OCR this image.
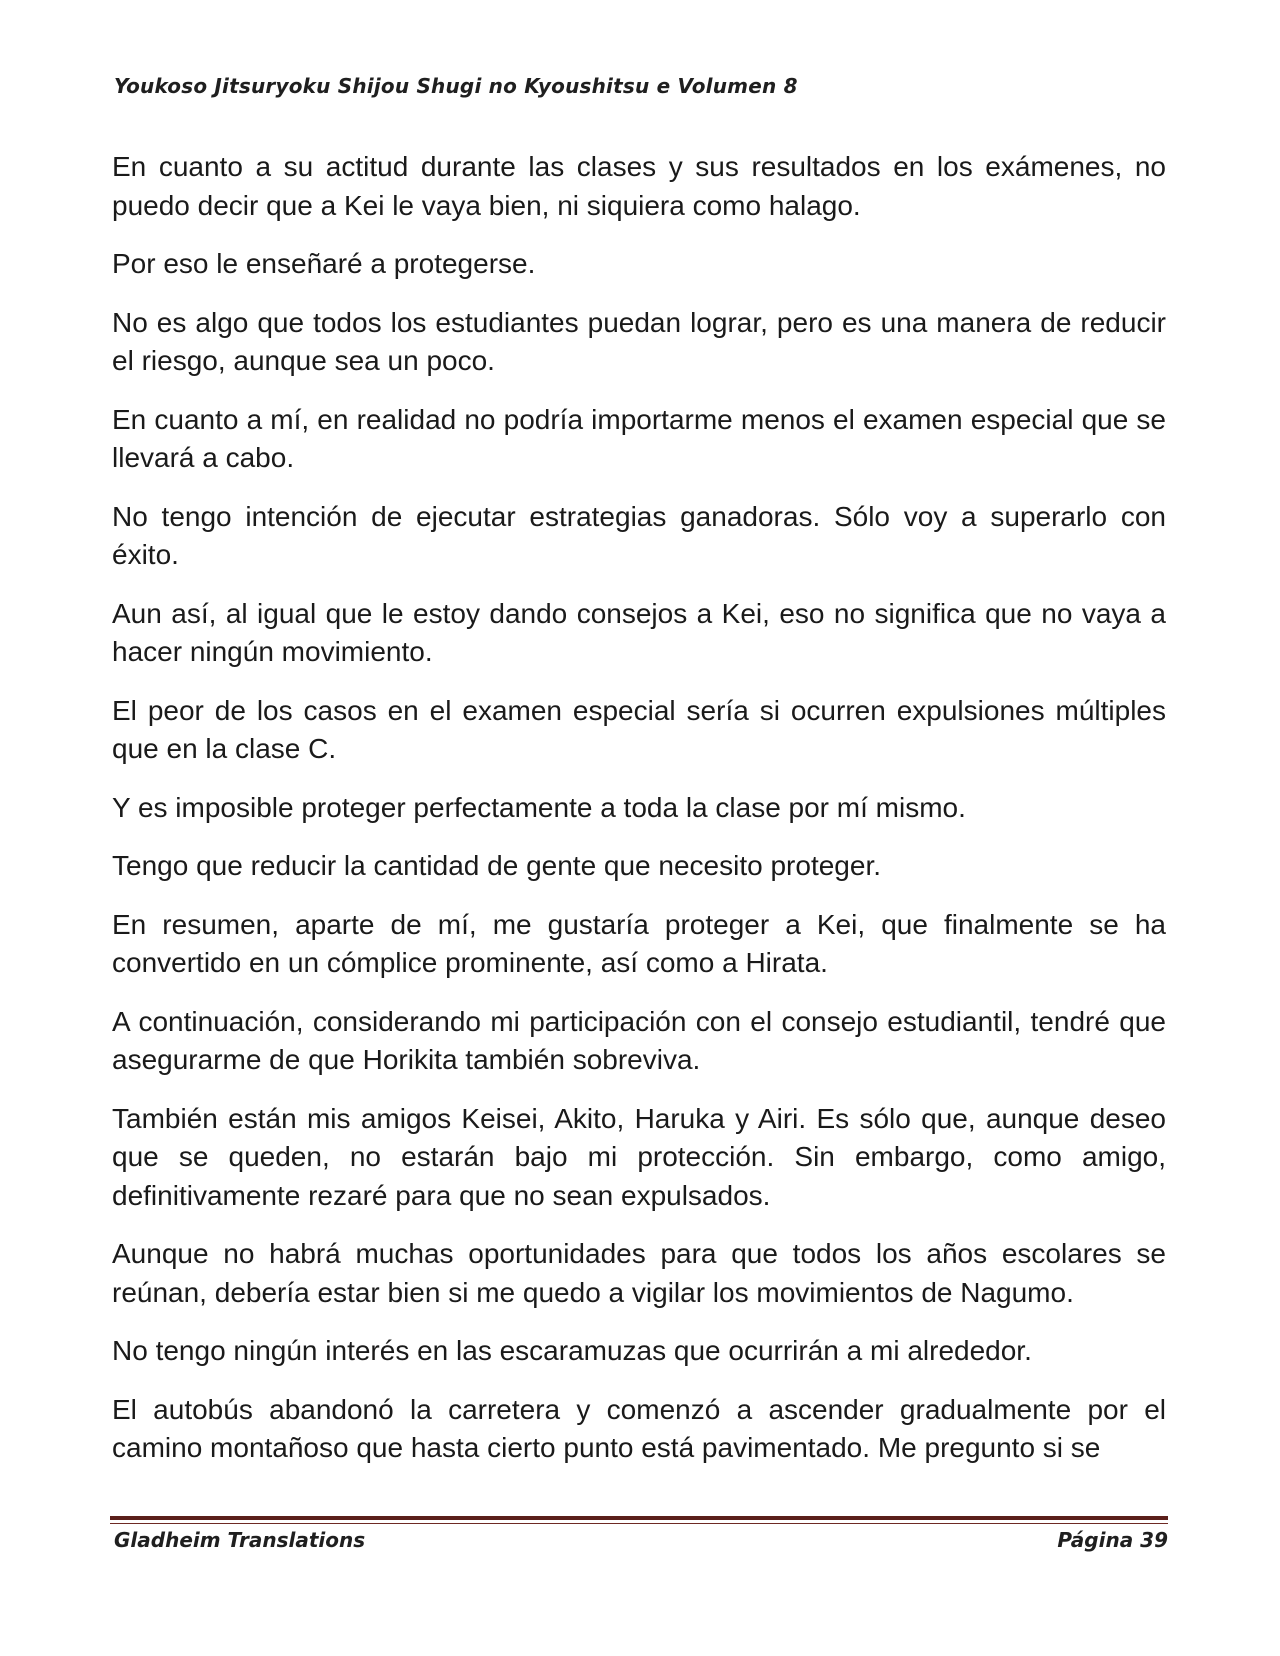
Youkoso Jitsuryoku Shijou Shugi no Kyoushitsu e Volumen 8

En cuanto a su actitud durante las clases y sus resultados en los exámenes, no puedo decir que a Kei le vaya bien, ni siquiera como halago.

Por eso le enseñaré a protegerse.

No es algo que todos los estudiantes puedan lograr, pero es una manera de reducir el riesgo, aunque sea un poco.

En cuanto a mí, en realidad no podría importarme menos el examen especial que se llevará a cabo.

No tengo intención de ejecutar estrategias ganadoras. Sólo voy a superarlo con éxito.

Aun así, al igual que le estoy dando consejos a Kei, eso no significa que no vaya a hacer ningún movimiento.

El peor de los casos en el examen especial sería si ocurren expulsiones múltiples que en la clase C.

Y es imposible proteger perfectamente a toda la clase por mí mismo.

Tengo que reducir la cantidad de gente que necesito proteger.

En resumen, aparte de mí, me gustaría proteger a Kei, que finalmente se ha convertido en un cómplice prominente, así como a Hirata.

A continuación, considerando mi participación con el consejo estudiantil, tendré que asegurarme de que Horikita también sobreviva.

También están mis amigos Keisei, Akito, Haruka y Airi. Es sólo que, aunque deseo que se queden, no estarán bajo mi protección. Sin embargo, como amigo, definitivamente rezaré para que no sean expulsados.

Aunque no habrá muchas oportunidades para que todos los años escolares se reúnan, debería estar bien si me quedo a vigilar los movimientos de Nagumo.

No tengo ningún interés en las escaramuzas que ocurrirán a mi alrededor.

El autobús abandonó la carretera y comenzó a ascender gradualmente por el camino montañoso que hasta cierto punto está pavimentado. Me pregunto si se

Gladheim Translations	Página 39
